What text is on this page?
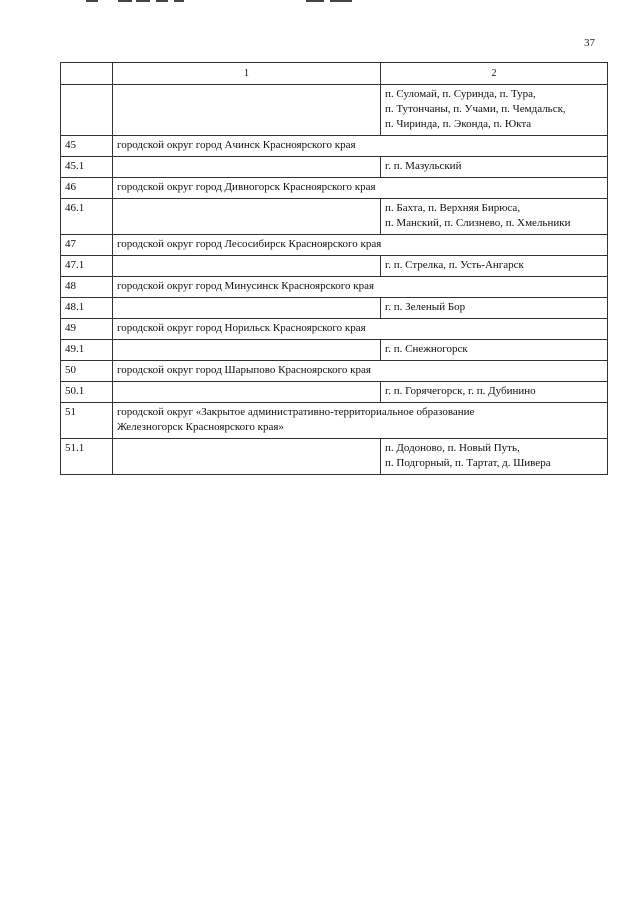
37
	1	2

		п. Суломай, п. Суринда, п. Тура,
п. Тутончаны, п. Учами, п. Чемдальск,
п. Чиринда, п. Эконда, п. Юкта

45	городской округ город Ачинск Красноярского края	
45.1		г. п. Мазульский

46	городской округ город Дивногорск Красноярского края	
46.1		п. Бахта, п. Верхняя Бирюса,
п. Манский, п. Слизнево, п. Хмельники

47	городской округ город Лесосибирск Красноярского края	
47.1		г. п. Стрелка, п. Усть-Ангарск

48	городской округ город Минусинск Красноярского края	
48.1		г. п. Зеленый Бор

49	городской округ город Норильск Красноярского края	
49.1		г. п. Снежногорск

50	городской округ город Шарыпово Красноярского края	
50.1		г. п. Горячегорск, г. п. Дубинино

51	городской округ «Закрытое административно-территориальное образование
Железногорск Красноярского края»	

51.1		п. Додоново, п. Новый Путь,
п. Подгорный, п. Тартат, д. Шивера
